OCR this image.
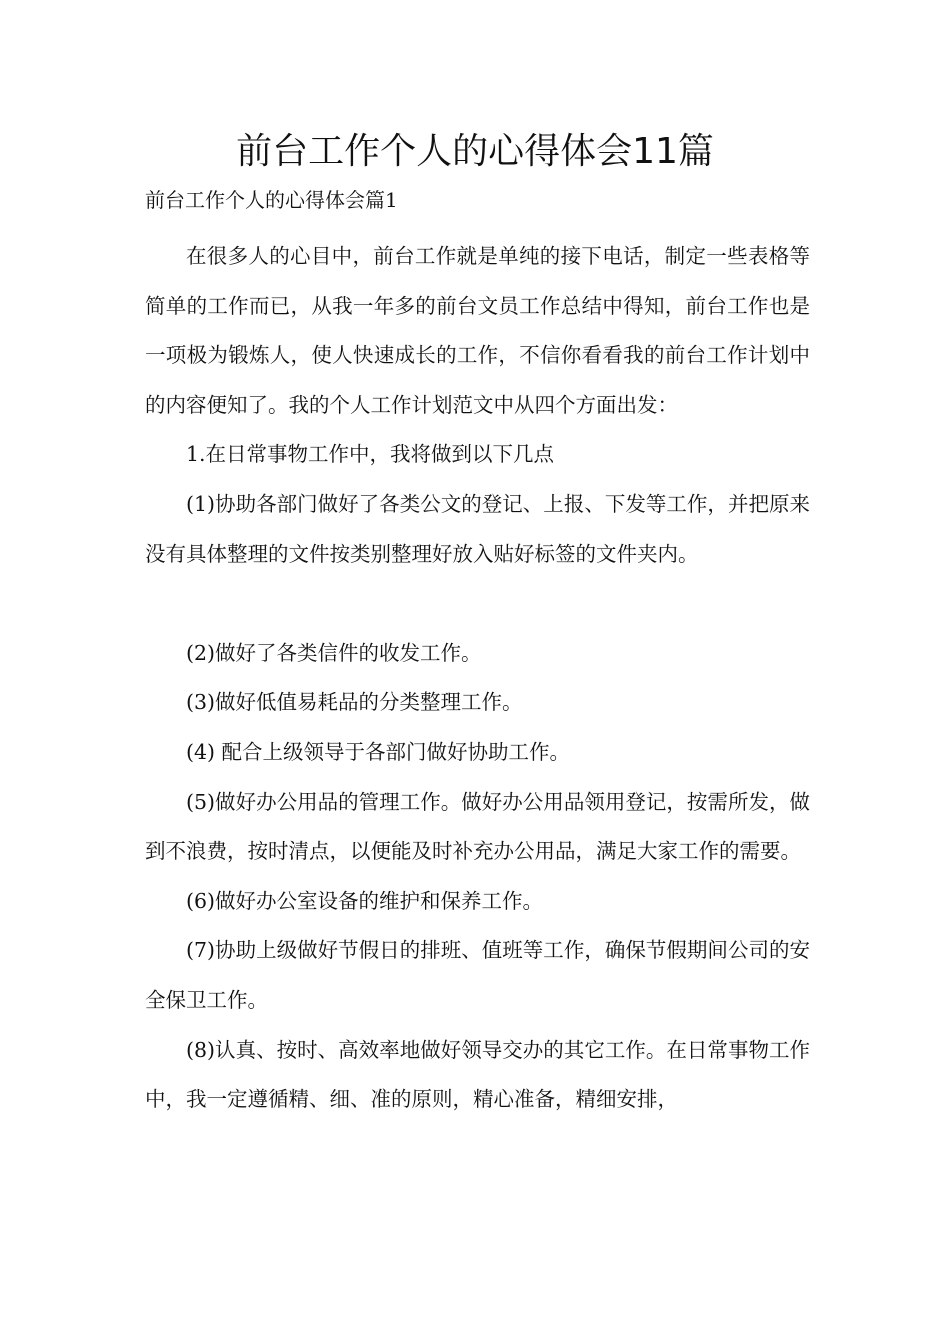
前台工作个人的心得体会11篇
前台工作个人的心得体会篇1

在很多人的心目中，前台工作就是单纯的接下电话，制定一些表格等简单的工作而已，从我一年多的前台文员工作总结中得知，前台工作也是一项极为锻炼人，使人快速成长的工作，不信你看看我的前台工作计划中的内容便知了。我的个人工作计划范文中从四个方面出发：

1.在日常事物工作中，我将做到以下几点

(1)协助各部门做好了各类公文的登记、上报、下发等工作，并把原来没有具体整理的文件按类别整理好放入贴好标签的文件夹内。

(2)做好了各类信件的收发工作。

(3)做好低值易耗品的分类整理工作。

(4) 配合上级领导于各部门做好协助工作。

(5)做好办公用品的管理工作。做好办公用品领用登记，按需所发，做到不浪费，按时清点，以便能及时补充办公用品，满足大家工作的需要。

(6)做好办公室设备的维护和保养工作。

(7)协助上级做好节假日的排班、值班等工作，确保节假期间公司的安全保卫工作。

(8)认真、按时、高效率地做好领导交办的其它工作。在日常事物工作中，我一定遵循精、细、准的原则，精心准备，精细安排，
